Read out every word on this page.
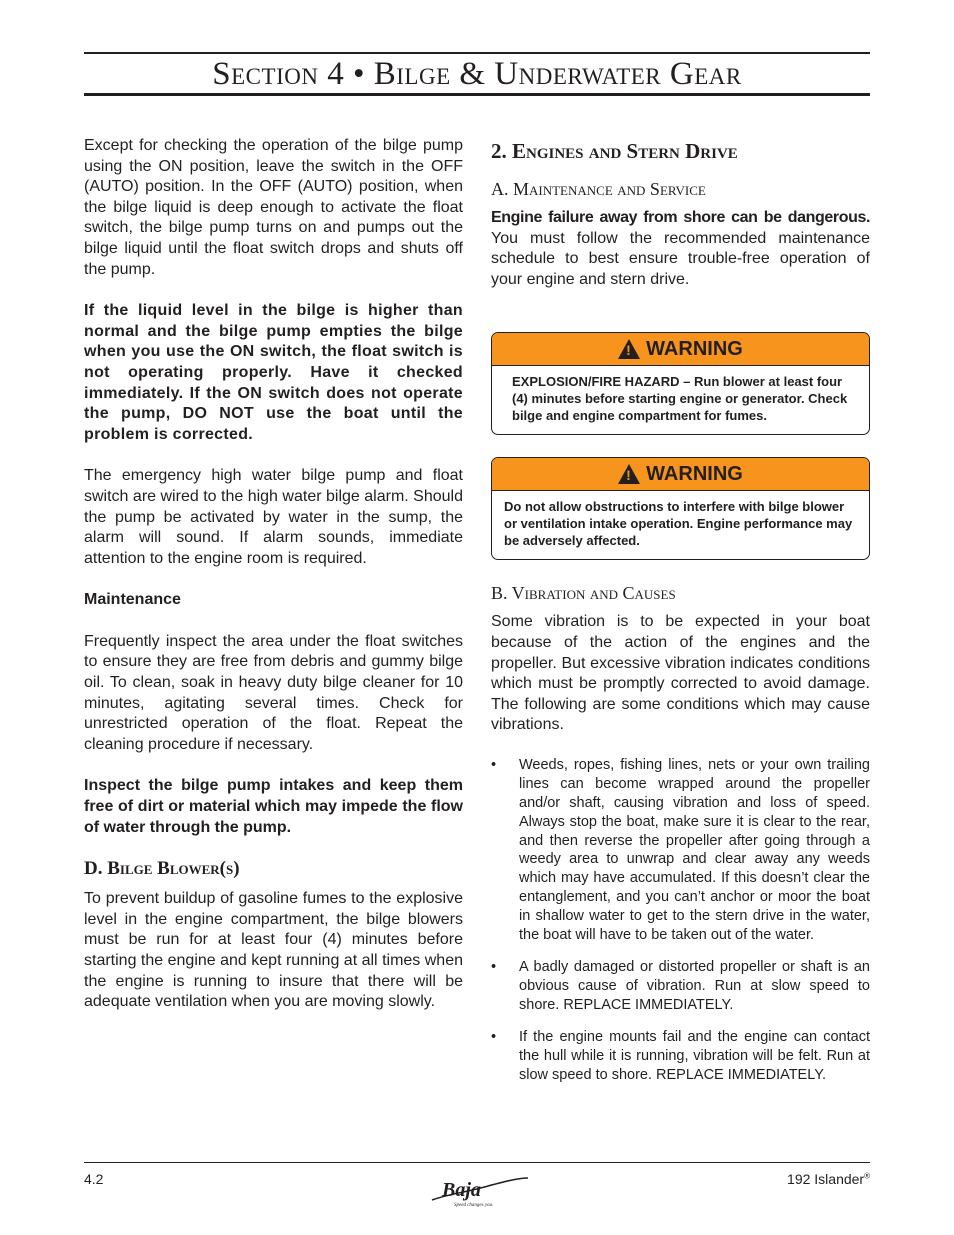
Section 4 • Bilge & Underwater Gear

Except for checking the operation of the bilge pump using the ON position, leave the switch in the OFF (AUTO) position. In the OFF (AUTO) position, when the bilge liquid is deep enough to activate the float switch, the bilge pump turns on and pumps out the bilge liquid until the float switch drops and shuts off the pump.

If the liquid level in the bilge is higher than normal and the bilge pump empties the bilge when you use the ON switch, the float switch is not operating properly. Have it checked immediately. If the ON switch does not operate the pump, DO NOT use the boat until the problem is corrected.

The emergency high water bilge pump and float switch are wired to the high water bilge alarm. Should the pump be activated by water in the sump, the alarm will sound. If alarm sounds, immediate attention to the engine room is required.

Maintenance

Frequently inspect the area under the float switches to ensure they are free from debris and gummy bilge oil. To clean, soak in heavy duty bilge cleaner for 10 minutes, agitating several times. Check for unrestricted operation of the float. Repeat the cleaning procedure if necessary.

Inspect the bilge pump intakes and keep them free of dirt or material which may impede the flow of water through the pump.

D. Bilge Blower(s)

To prevent buildup of gasoline fumes to the explosive level in the engine compartment, the bilge blowers must be run for at least four (4) minutes before starting the engine and kept running at all times when the engine is running to insure that there will be adequate ventilation when you are moving slowly.

2. Engines and Stern Drive
A. Maintenance and Service

Engine failure away from shore can be dangerous. You must follow the recommended maintenance schedule to best ensure trouble-free operation of your engine and stern drive.

! WARNING
EXPLOSION/FIRE HAZARD – Run blower at least four (4) minutes before starting engine or generator. Check bilge and engine compartment for fumes.
! WARNING
Do not allow obstructions to interfere with bilge blower or ventilation intake operation. Engine performance may be adversely affected.
B. Vibration and Causes

Some vibration is to be expected in your boat because of the action of the engines and the propeller. But excessive vibration indicates conditions which must be promptly corrected to avoid damage. The following are some conditions which may cause vibrations.

• Weeds, ropes, fishing lines, nets or your own trailing lines can become wrapped around the propeller and/or shaft, causing vibration and loss of speed. Always stop the boat, make sure it is clear to the rear, and then reverse the propeller after going through a weedy area to unwrap and clear away any weeds which may have accumulated. If this doesn’t clear the entanglement, and you can’t anchor or moor the boat in shallow water to get to the stern drive in the water, the boat will have to be taken out of the water.
• A badly damaged or distorted propeller or shaft is an obvious cause of vibration. Run at slow speed to shore. REPLACE IMMEDIATELY.
• If the engine mounts fail and the engine can contact the hull while it is running, vibration will be felt. Run at slow speed to shore. REPLACE IMMEDIATELY.
4.2	Baja
Speed changes you.
192 Islander®
